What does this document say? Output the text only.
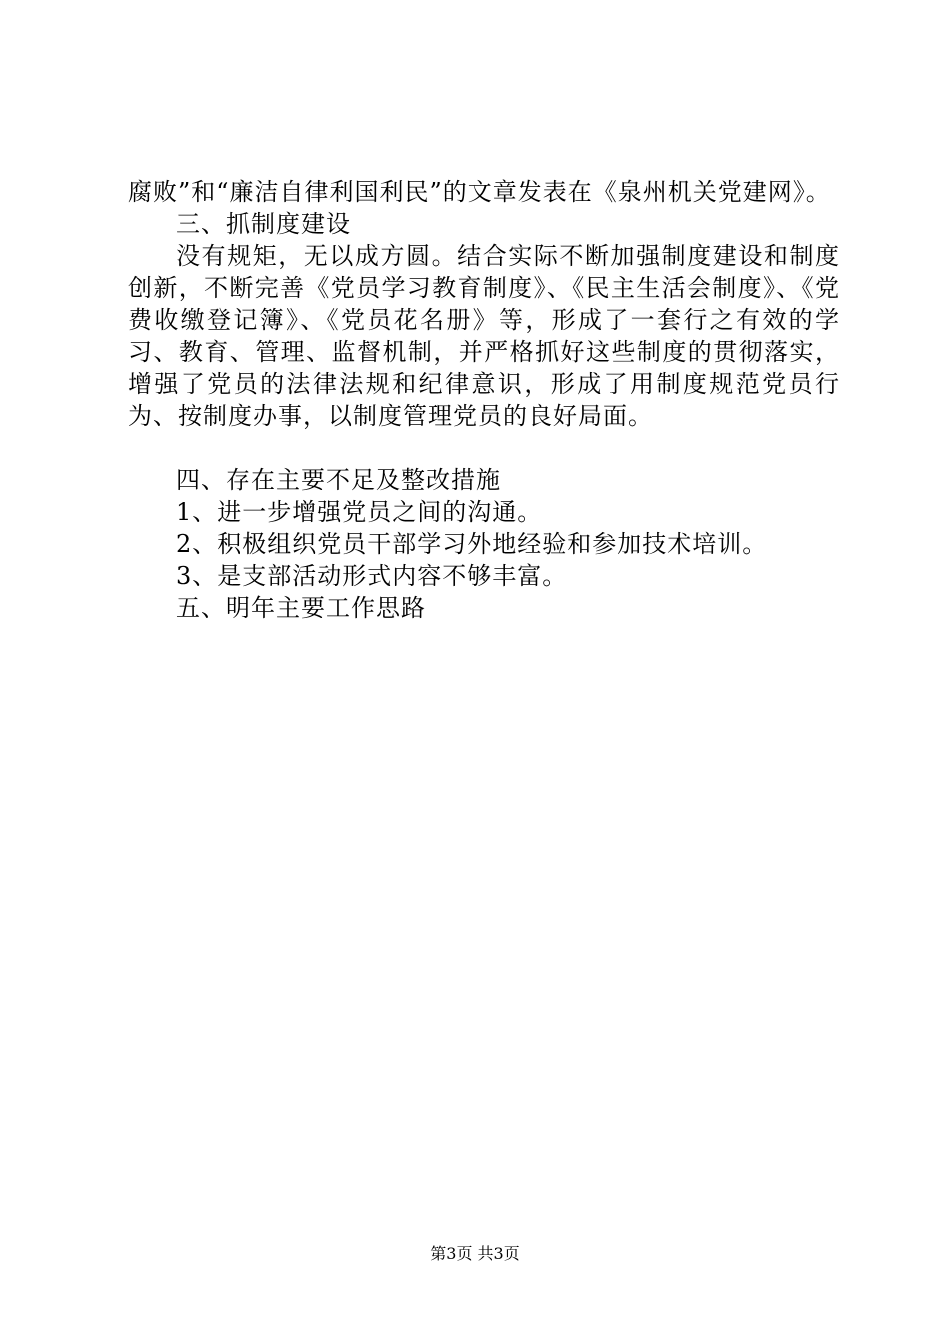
腐败”和“廉洁自律利国利民”的文章发表在《泉州机关党建网》。

三、抓制度建设

没有规矩，无以成方圆。结合实际不断加强制度建设和制度创新，不断完善《党员学习教育制度》、《民主生活会制度》、《党费收缴登记簿》、《党员花名册》等，形成了一套行之有效的学习、教育、管理、监督机制，并严格抓好这些制度的贯彻落实，增强了党员的法律法规和纪律意识，形成了用制度规范党员行为、按制度办事，以制度管理党员的良好局面。

四、存在主要不足及整改措施

1、进一步增强党员之间的沟通。

2、积极组织党员干部学习外地经验和参加技术培训。

3、是支部活动形式内容不够丰富。

五、明年主要工作思路

第3页 共3页
